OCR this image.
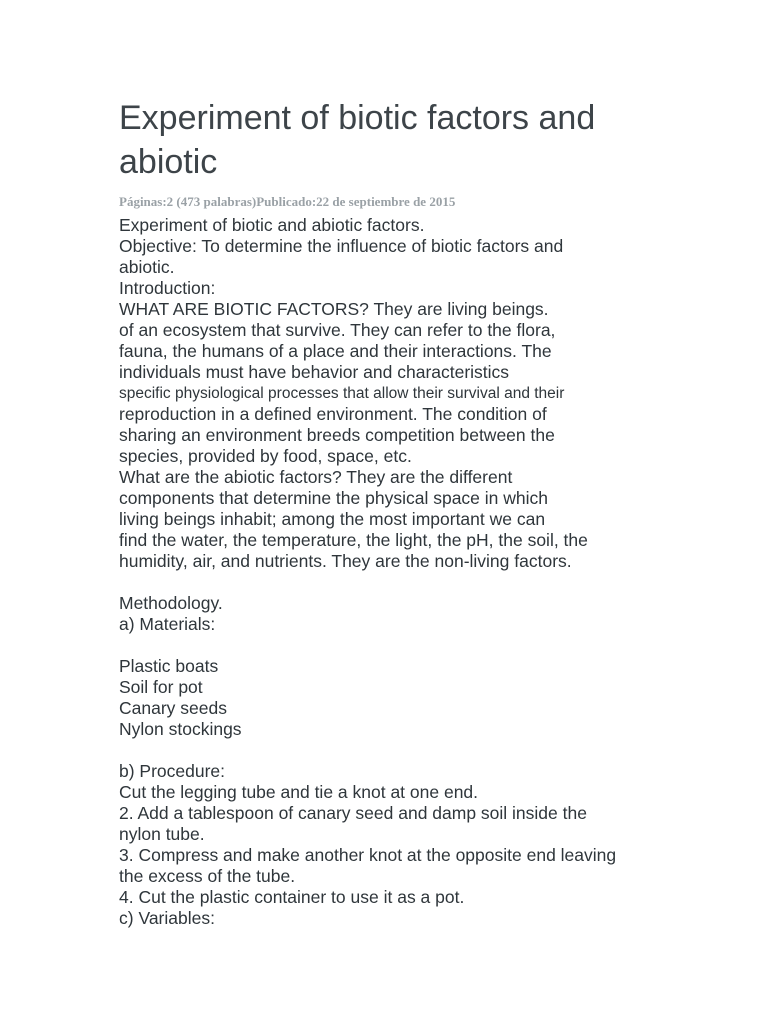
Experiment of biotic factors and
abiotic
Páginas:2 (473 palabras)Publicado:22 de septiembre de 2015
Experiment of biotic and abiotic factors.
Objective: To determine the influence of biotic factors and
abiotic.
Introduction:
WHAT ARE BIOTIC FACTORS? They are living beings.
of an ecosystem that survive. They can refer to the flora,
fauna, the humans of a place and their interactions. The
individuals must have behavior and characteristics
specific physiological processes that allow their survival and their
reproduction in a defined environment. The condition of
sharing an environment breeds competition between the
species, provided by food, space, etc.
What are the abiotic factors? They are the different
components that determine the physical space in which
living beings inhabit; among the most important we can
find the water, the temperature, the light, the pH, the soil, the
humidity, air, and nutrients. They are the non-living factors.
Methodology.
a) Materials:
Plastic boats
Soil for pot
Canary seeds
Nylon stockings
b) Procedure:
Cut the legging tube and tie a knot at one end.
2. Add a tablespoon of canary seed and damp soil inside the
nylon tube.
3. Compress and make another knot at the opposite end leaving
the excess of the tube.
4. Cut the plastic container to use it as a pot.
c) Variables:
